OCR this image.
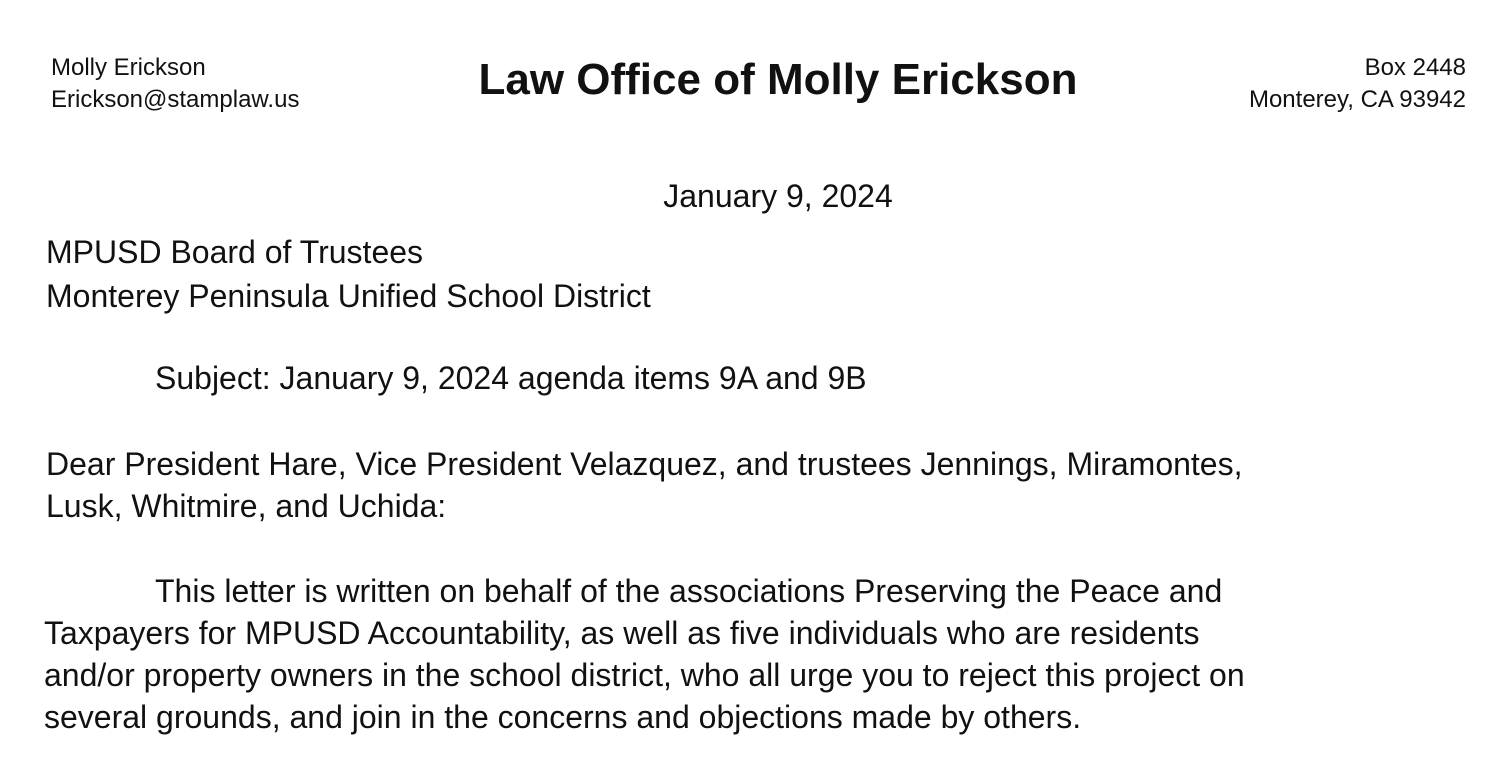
Molly Erickson
Erickson@stamplaw.us	Law Office of Molly Erickson	Box 2448
Monterey, CA 93942
January 9, 2024
MPUSD Board of Trustees
Monterey Peninsula Unified School District
Subject: January 9, 2024 agenda items 9A and 9B
Dear President Hare, Vice President Velazquez, and trustees Jennings, Miramontes,
Lusk, Whitmire, and Uchida:
This letter is written on behalf of the associations Preserving the Peace and
Taxpayers for MPUSD Accountability, as well as five individuals who are residents
and/or property owners in the school district, who all urge you to reject this project on
several grounds, and join in the concerns and objections made by others.
